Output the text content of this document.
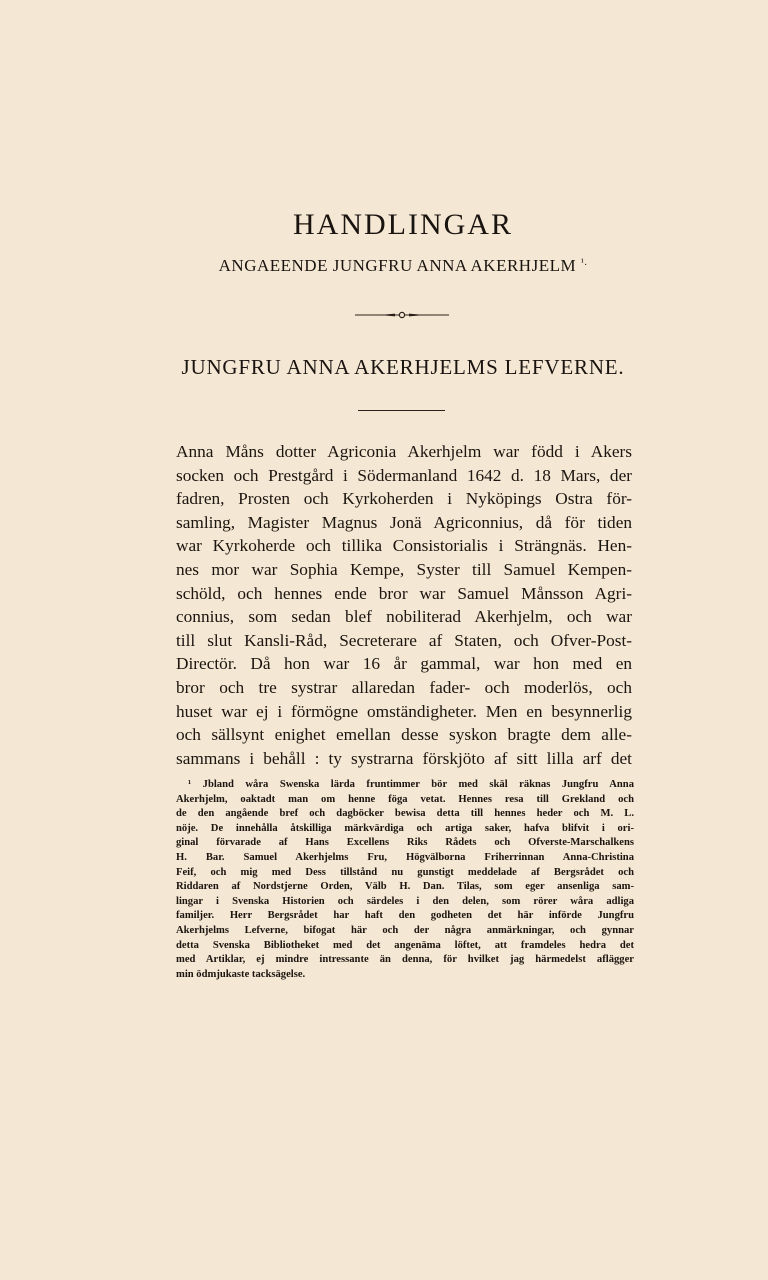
HANDLINGAR
ANGAEENDE JUNGFRU ANNA AKERHJELM $^{^1.}$
JUNGFRU ANNA AKERHJELMS LEFVERNE.
Anna Måns dotter Agriconia Akerhjelm war född i Akers
socken och Prestgård i Södermanland 1642 d. 18 Mars, der
fadren, Prosten och Kyrkoherden i Nyköpings Ostra för-
samling, Magister Magnus Jonä Agriconnius, då för tiden
war Kyrkoherde och tillika Consistorialis i Strängnäs. Hen-
nes mor war Sophia Kempe, Syster till Samuel Kempen-
schöld, och hennes ende bror war Samuel Månsson Agri-
connius, som sedan blef nobiliterad Akerhjelm, och war
till slut Kansli-Råd, Secreterare af Staten, och Ofver-Post-
Directör. Då hon war 16 år gammal, war hon med en
bror och tre systrar allaredan fader- och moderlös, och
huset war ej i förmögne omständigheter. Men en besynnerlig
och sällsynt enighet emellan desse syskon bragte dem alle-
sammans i behåll : ty systrarna förskjöto af sitt lilla arf det
¹ Jbland wåra Swenska lärda fruntimmer bör med skäl räknas Jungfru Anna
Akerhjelm, oaktadt man om henne föga vetat. Hennes resa till Grekland och
de den angående bref och dagböcker bewisa detta till hennes heder och M. L.
nöje. De innehålla åtskilliga märkvärdiga och artiga saker, hafva blifvit i ori-
ginal förvarade af Hans Excellens Riks Rådets och Ofverste-Marschalkens
H. Bar. Samuel Akerhjelms Fru, Högvälborna Friherrinnan Anna-Christina
Feif, och mig med Dess tillstånd nu gunstigt meddelade af Bergsrådet och
Riddaren af Nordstjerne Orden, Välb H. Dan. Tilas, som eger ansenliga sam-
lingar i Svenska Historien och särdeles i den delen, som rörer wåra adliga
familjer. Herr Bergsrådet har haft den godheten det här införde Jungfru
Akerhjelms Lefverne, bifogat här och der några anmärkningar, och gynnar
detta Svenska Bibliotheket med det angenäma löftet, att framdeles hedra det
med Artiklar, ej mindre intressante än denna, för hvilket jag härmedelst aflägger
min ödmjukaste tacksägelse.
